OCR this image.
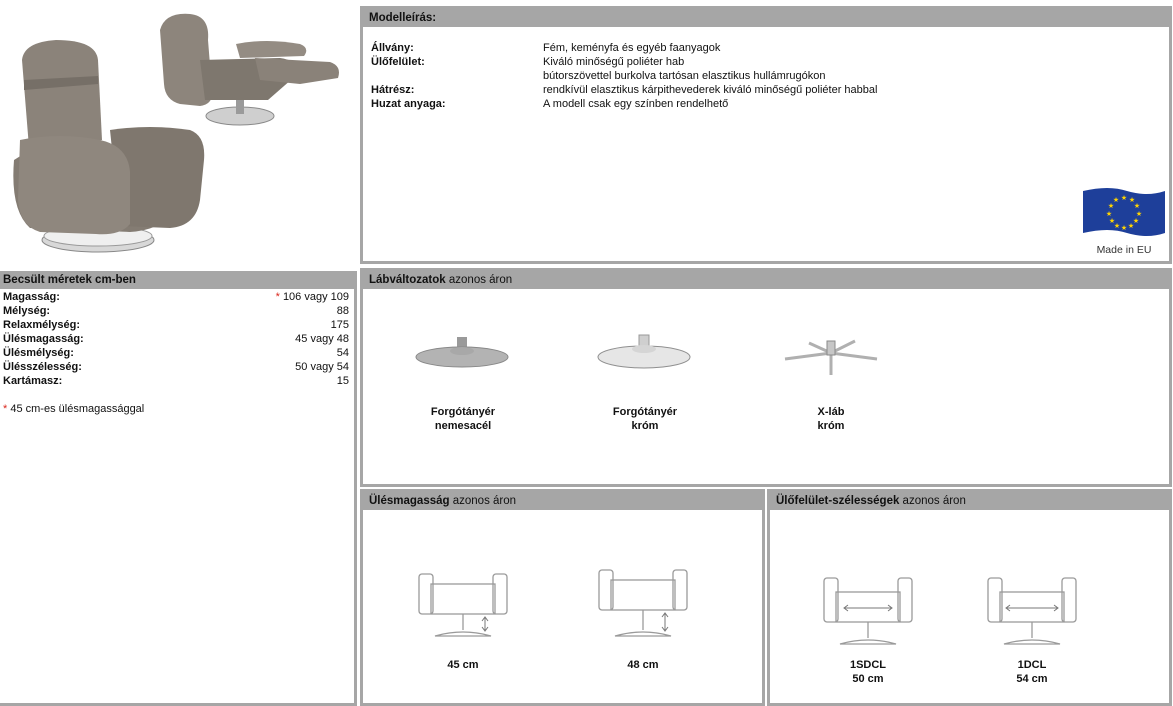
Modelleírás:
Állvány:	Fém, keményfa és egyéb faanyagok
Ülőfelület:	Kiváló minőségű poliéter hab
bútorszövettel burkolva tartósan elasztikus hullámrugókon
Hátrész:	rendkívül elasztikus kárpithevederek kiváló minőségű poliéter habbal
Huzat anyaga:	A modell csak egy színben rendelhető
★ ★
★
★
★
★
★
★
★
★
★
★
Made in EU
Becsült méretek cm-ben
Magasság:	* 106 vagy 109
Mélység:	88
Relaxmélység:	175
Ülésmagasság:	45 vagy 48
Ülésmélység:	54
Ülésszélesség:	50 vagy 54
Kartámasz:	15
* 45 cm-es ülésmagassággal
Lábváltozatok azonos áron
Forgótányér
nemesacél
Forgótányér
króm
X-láb
króm
Ülésmagasság azonos áron
45 cm	48 cm
Ülőfelület-szélességek azonos áron
1SDCL
50 cm
1DCL
54 cm
